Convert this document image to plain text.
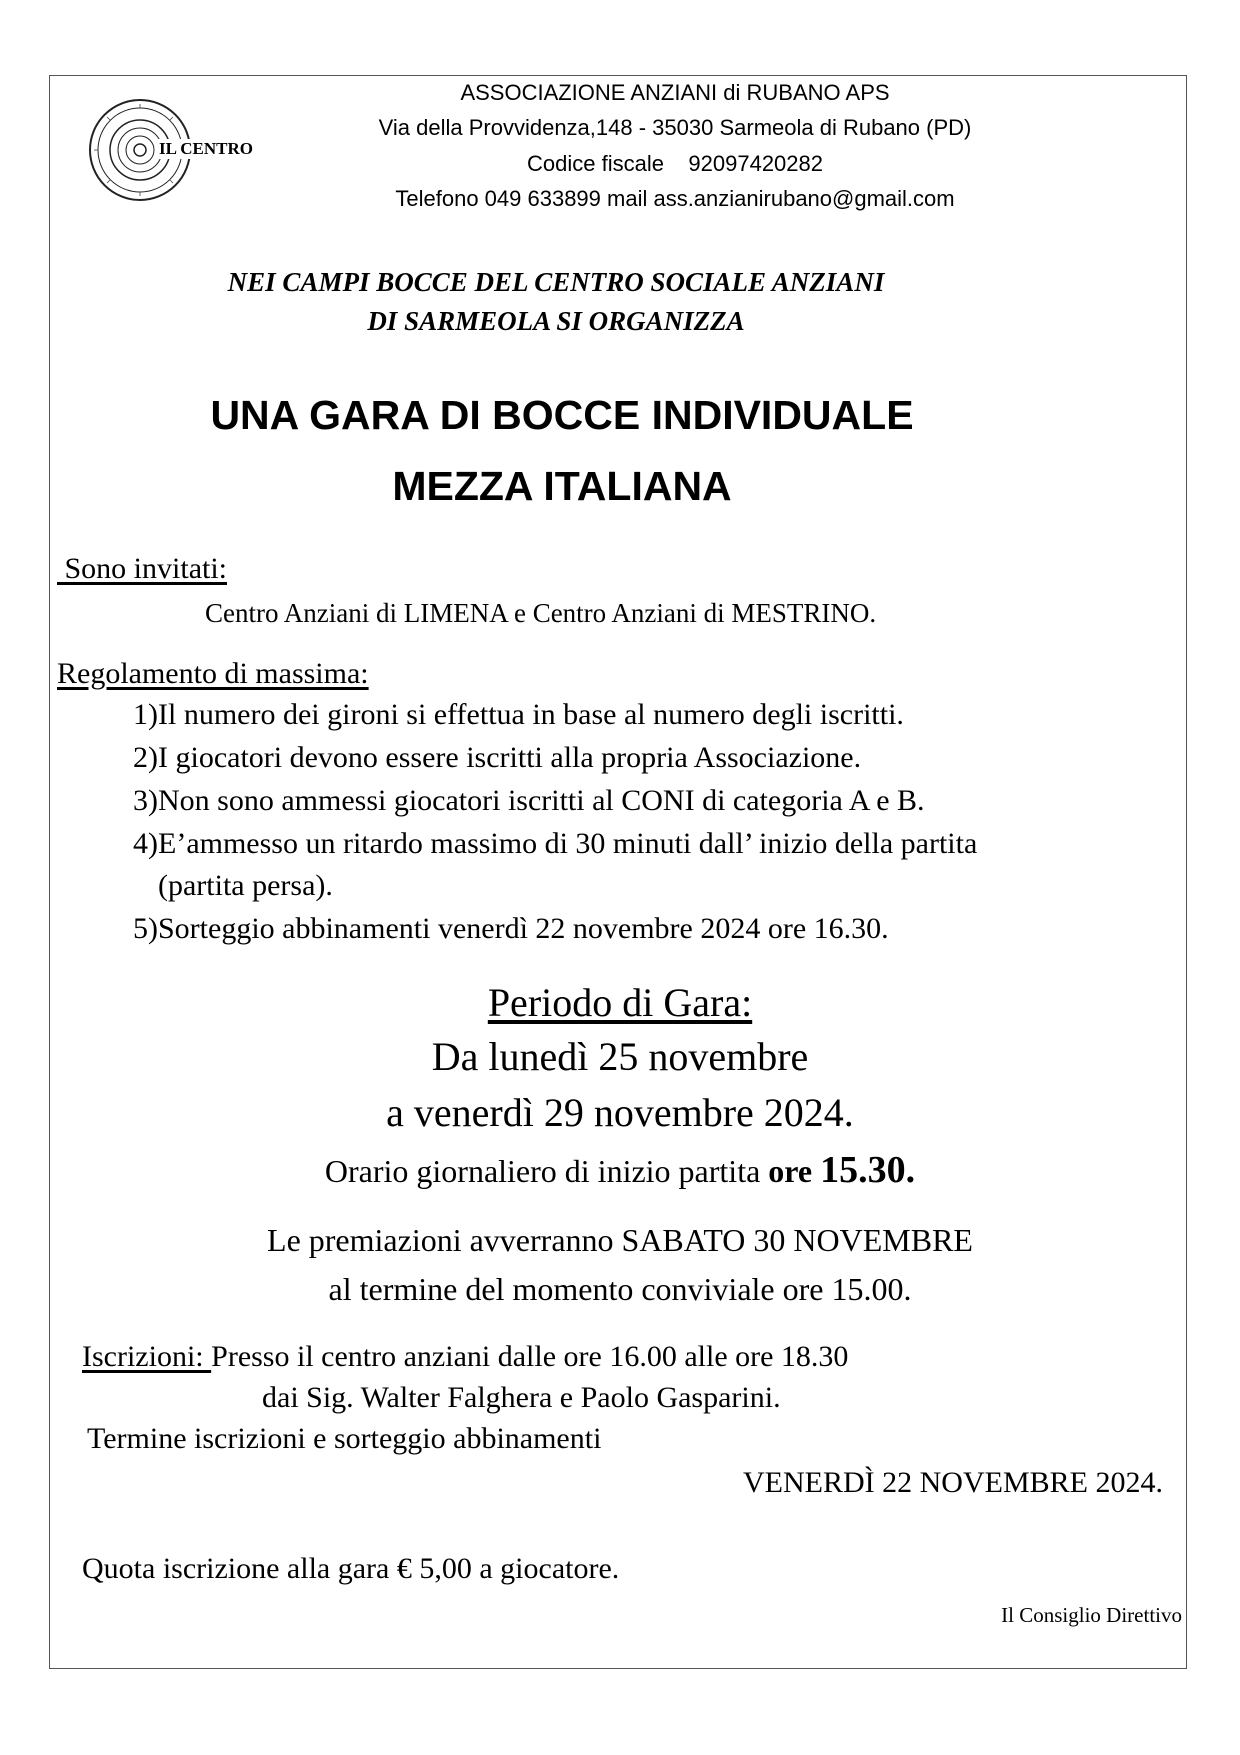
IL CENTRO
ASSOCIAZIONE ANZIANI di RUBANO APS
Via della Provvidenza,148 - 35030 Sarmeola di Rubano (PD)
Codice fiscale    92097420282
Telefono 049 633899 mail ass.anzianirubano@gmail.com
NEI CAMPI BOCCE DEL CENTRO SOCIALE ANZIANI
DI SARMEOLA SI ORGANIZZA
UNA GARA DI BOCCE INDIVIDUALE
MEZZA ITALIANA
Sono invitati:
Centro Anziani di LIMENA e Centro Anziani di MESTRINO.
Regolamento di massima:
1)Il numero dei gironi si effettua in base al numero degli iscritti.
2)I giocatori devono essere iscritti alla propria Associazione.
3)Non sono ammessi giocatori iscritti al CONI di categoria A e B.
4)E’ammesso un ritardo massimo di 30 minuti dall’ inizio della partita
(partita persa).
5)Sorteggio abbinamenti venerdì 22 novembre 2024 ore 16.30.
Periodo di Gara:
Da lunedì 25 novembre
a venerdì 29 novembre 2024.
Orario giornaliero di inizio partita ore 15.30.
Le premiazioni avverranno SABATO 30 NOVEMBRE
al termine del momento conviviale ore 15.00.
Iscrizioni: Presso il centro anziani dalle ore 16.00 alle ore 18.30
dai Sig. Walter Falghera e Paolo Gasparini.
Termine iscrizioni e sorteggio abbinamenti
VENERDÌ 22 NOVEMBRE 2024.
Quota iscrizione alla gara € 5,00 a giocatore.
Il Consiglio Direttivo
